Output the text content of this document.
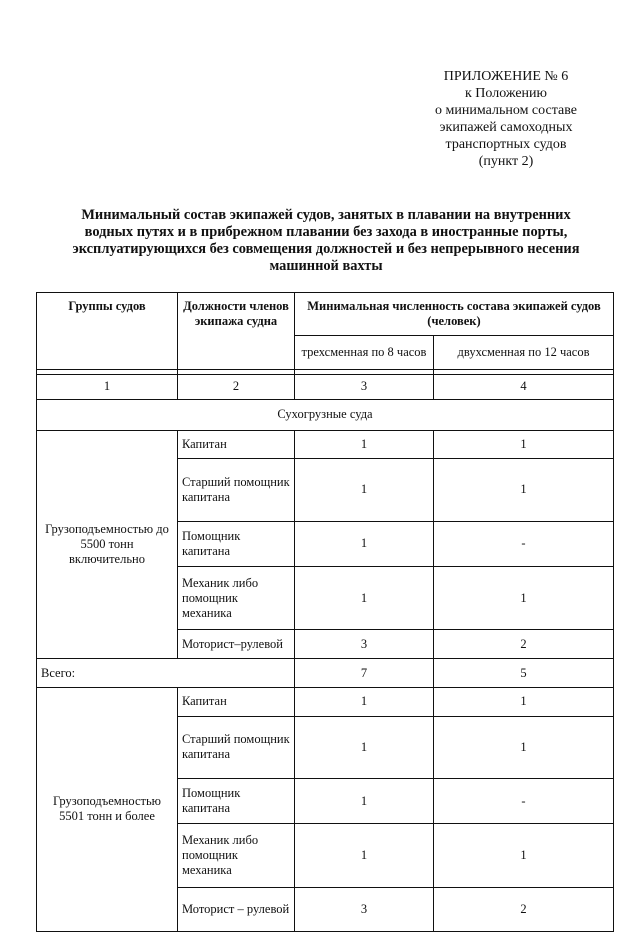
ПРИЛОЖЕНИЕ № 6
к Положению
о минимальном составе
экипажей самоходных
транспортных судов
(пункт 2)
Минимальный состав экипажей судов, занятых в плавании на внутренних
водных путях и в прибрежном плавании без захода в иностранные порты,
эксплуатирующихся без совмещения должностей и без непрерывного несения
машинной вахты
Группы судов	Должности членов экипажа судна	Минимальная численность состава экипажей судов (человек)	
		трехсменная по 8 часов	двухсменная по 12 часов

1	2	3	4
Сухогрузные суда			
Грузоподъемностью до 5500 тонн включительно	Капитан	1	1
	Старший помощник капитана	1	1
	Помощник капитана	1	-
	Механик либо помощник механика	1	1
	Моторист–рулевой	3	2
Всего:		7	5
Грузоподъемностью 5501 тонн и более	Капитан	1	1
	Старший помощник капитана	1	1
	Помощник капитана	1	-
	Механик либо помощник механика	1	1
	Моторист – рулевой	3	2
